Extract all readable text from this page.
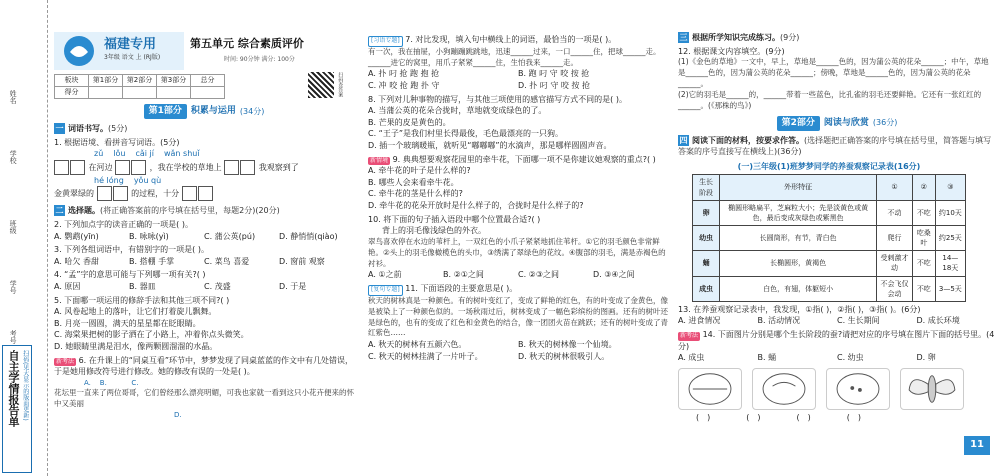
姓名
学校
班级
学号
考号
自主学情报告单 扫码(见大显示的版面更新)
福建专用
3年级 语文 上 (RJ版)
第五单元 综合素质评价
时间: 90分钟 满分: 100分
板块	第1部分	第2部分	第3部分	总分
得分					扫码查答案
第1部分	积累与运用 (34分)
一 词语书写。(5分)
1. 根据语境、看拼音写词语。(5分)
zǔ lǒu cǎi jí wǎn shuǐ
在河边	，我在学校的草地上	我观察到了
hé lóng yǒu qù
金黄翠绿的	的过程，十分
二 选择题。(将正确答案前的序号填在括号里，每题2分)(20分)
2. 下列加点字的读音正确的一项是( )。
A. 鹦鹉(yīn)	B. 咏咏(yì)	C. 蒲公英(pú)	D. 静悄悄(qiào)
3. 下列各组词语中，有错别字的一项是( )。
A. 哈欠 香甜	B. 搭棚 手掌	C. 菜鸟 喜爱	D. 窗前 观察
4. “孟”字的意思可能与下列哪一项有关?( )
A. 原因	B. 器皿	C. 茂盛	D. 于是
5. 下面哪一项运用的修辞手法和其他三项不同?( )
A. 风卷起地上的落叶，让它们打着旋儿飘舞。
B. 月亮一圆圆，满天的星星都在眨眼睛。
C. 海棠果把树的影子洒在了小路上，冲着你点头微笑。
D. 她眼睛里满是泪水，像两颗圆溜溜的水晶。
新考法 6. 在升课上的“同桌互看”环节中，梦梦发现了同桌蓝蓝的作文中有几处错误，于是她用修改符号进行修改。她的修改有误的一处是( )。
A. B.	C.
花坛里一直来了两位哥哥，它们曾经那么漂亮明媚，可我也家就一看到这只小花卉便来的怀中又美丽
D.
[习语专题] 7. 对比发现，填入句中横线上的词语，最恰当的一项是( )。
有一次，我在抽屉，小狗蹦蹦跳跳地，迅速______过来，一口______住，把球______走。______进它的窝里，用爪子紧紧______住，生怕我来______走。
A. 扑 叼 抢 跑 抱 抢	B. 跑 叼 守 咬 按 抢
C. 冲 咬 抢 跑 扑 守	D. 扑 叼 守 咬 按 抢
8. 下列对儿种事物的描写，与其他三项使用的感官描写方式不同的是( )。
A. 当蒲公英的花朵合拢时，草地就变成绿色的了。
B. 芒果的皮是黄色的。
C. “王子”是我们村里长得最俊，毛色最漂亮的一只狗。
D. 插一个玻璃暖瓶，就听见“嘟嘟嘟”的水滴声，那是哪样圆圆声音。
新情境 9. 典典想要观察花园里的牵牛花，下面哪一项不是你建议她观察的重点?( )
A. 牵牛花的叶子是什么样的?
B. 哪些人会来看牵牛花。
C. 牵牛花的茎是什么样的?
D. 牵牛花的花朵开放时是什么样子的，合拢时是什么样子的?
10. 将下面的句子插入语段中哪个位置最合适?( )
背上的羽毛像浅绿色的外衣。
翠鸟喜欢停在水边的苇杆上，一双红色的小爪子紧紧地抓住苇杆。①它的羽毛颜色非常鲜艳。②头上的羽毛像橄榄色的头巾，③绣满了翠绿色的花纹。④腹部的羽毛，满是赤褐色的衬衫。
A. ①之前	B. ②①之间	C. ②③之间	D. ③④之间
[复句专题] 11. 下面语段的主要意思是( )。
秋天的树林真是一种颜色。有的树叶变红了，变成了鲜艳的红色，有的叶变成了金黄色，像是被染上了一种颜色似的。一场秋雨过后，树林变成了一幅色彩缤纷的图画。还有的树叶还是绿色的，也有的变成了红色和金黄色的结合，像一团团火苗在跳跃；还有的树叶变成了青红紫色……
A. 秋天的树林有五颜六色。	B. 秋天的树林像一个仙境。
C. 秋天的树林挂满了一片叶子。	D. 秋天的树林很吸引人。
三 根据所学知识完成练习。(9分)
12. 根据课文内容填空。(9分)
(1)《金色的草地》一文中，早上，草地是______色的，因为蒲公英的花朵______；中午，草地是______色的，因为蒲公英的花朵______；傍晚，草地是______色的，因为蒲公英的花朵______。
(2)它的羽毛是______的，______带着一些蓝色，比孔雀的羽毛还要鲜艳。它还有一张红红的______。(《那株的鸟》)
第2部分	阅读与欣赏 (36分)
四 阅读下面的材料，按要求作答。(选择题把正确答案的序号填在括号里，简答题与填写答案的序号直接写在横线上)(36分)
(一)三年级(1)班梦梦同学的养蚕观察记录表(16分)
生长阶段	外形特征	①	②	③
卵	椭圆形略扁平，芝麻粒大小；先是淡黄色或黄色，最后变成灰绿色或紫黑色	不动	不吃	约10天
幼虫	长圆筒形，有节，青白色	爬行	吃桑叶	约25天
蛹	长椭圆形，黄褐色	受刺激才动	不吃	14—18天
成虫	白色，有翅，体躯短小	不会飞仅会动	不吃	3—5天
13. 在养蚕观察记录表中，我发现，①指( )，②指( )，③指( )。(6分)
A. 进食情况	B. 活动情况	C. 生长期间	D. 成长环境
新考法 14. 下面图片分别是哪个生长阶段的蚕?请把对应的序号填在图片下面的括号里。(4分)
A. 成虫	B. 蛹	C. 幼虫	D. 卵
(　)	(　)	(　)	(　)
11
